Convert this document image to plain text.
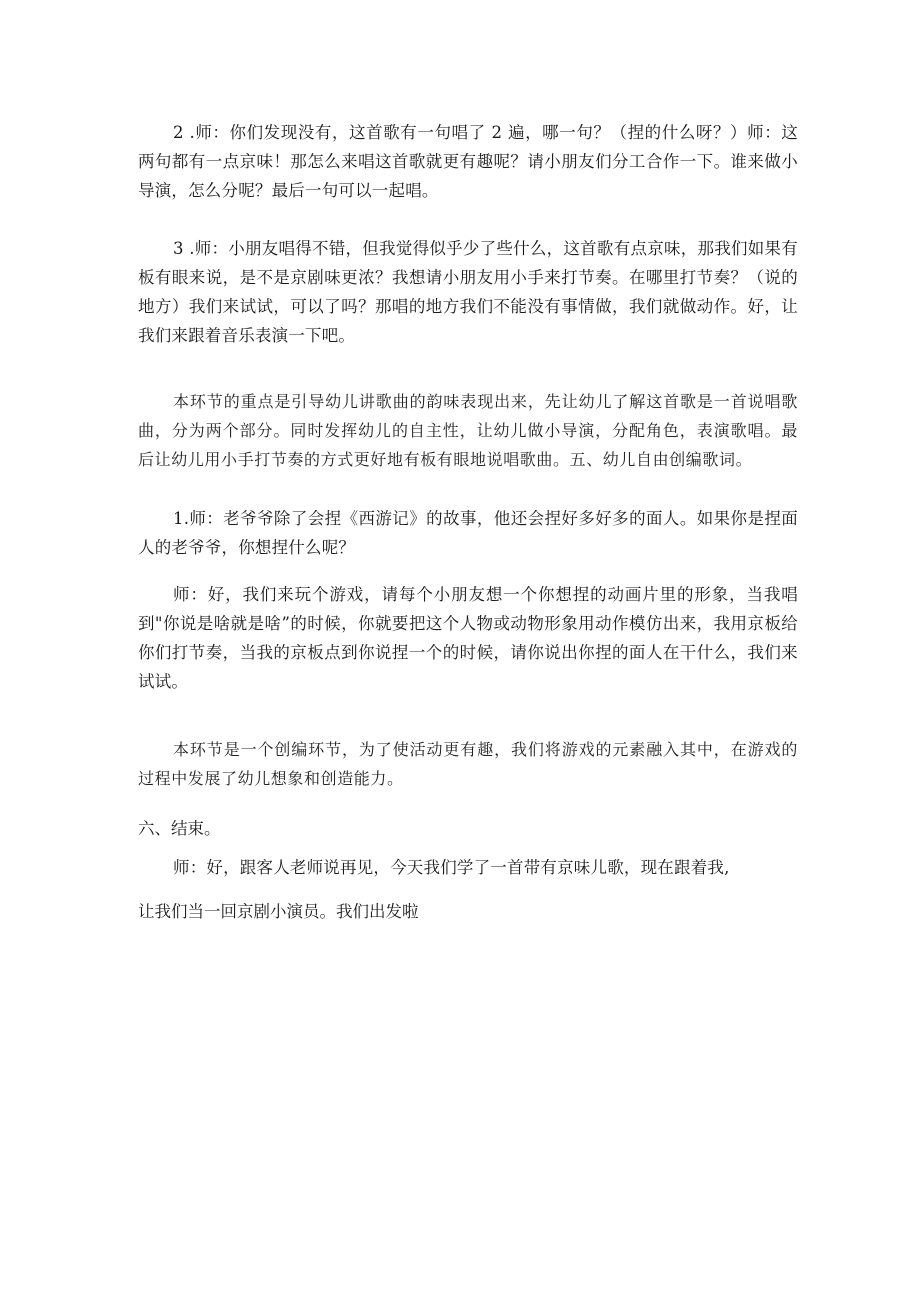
2 .师：你们发现没有，这首歌有一句唱了 2 遍，哪一句？（捏的什么呀？）师：这两句都有一点京味！那怎么来唱这首歌就更有趣呢？请小朋友们分工合作一下。谁来做小导演，怎么分呢？最后一句可以一起唱。

3 .师：小朋友唱得不错，但我觉得似乎少了些什么，这首歌有点京味，那我们如果有板有眼来说，是不是京剧味更浓？我想请小朋友用小手来打节奏。在哪里打节奏？（说的地方）我们来试试，可以了吗？那唱的地方我们不能没有事情做，我们就做动作。好，让我们来跟着音乐表演一下吧。

本环节的重点是引导幼儿讲歌曲的韵味表现出来，先让幼儿了解这首歌是一首说唱歌曲，分为两个部分。同时发挥幼儿的自主性，让幼儿做小导演，分配角色，表演歌唱。最后让幼儿用小手打节奏的方式更好地有板有眼地说唱歌曲。五、幼儿自由创编歌词。

1.师：老爷爷除了会捏《西游记》的故事，他还会捏好多好多的面人。如果你是捏面人的老爷爷，你想捏什么呢？

师：好，我们来玩个游戏，请每个小朋友想一个你想捏的动画片里的形象，当我唱到"你说是啥就是啥”的时候，你就要把这个人物或动物形象用动作模仿出来，我用京板给你们打节奏，当我的京板点到你说捏一个的时候，请你说出你捏的面人在干什么，我们来试试。

本环节是一个创编环节，为了使活动更有趣，我们将游戏的元素融入其中，在游戏的过程中发展了幼儿想象和创造能力。

六、结束。

师：好，跟客人老师说再见，今天我们学了一首带有京味儿歌，现在跟着我,

让我们当一回京剧小演员。我们出发啦
